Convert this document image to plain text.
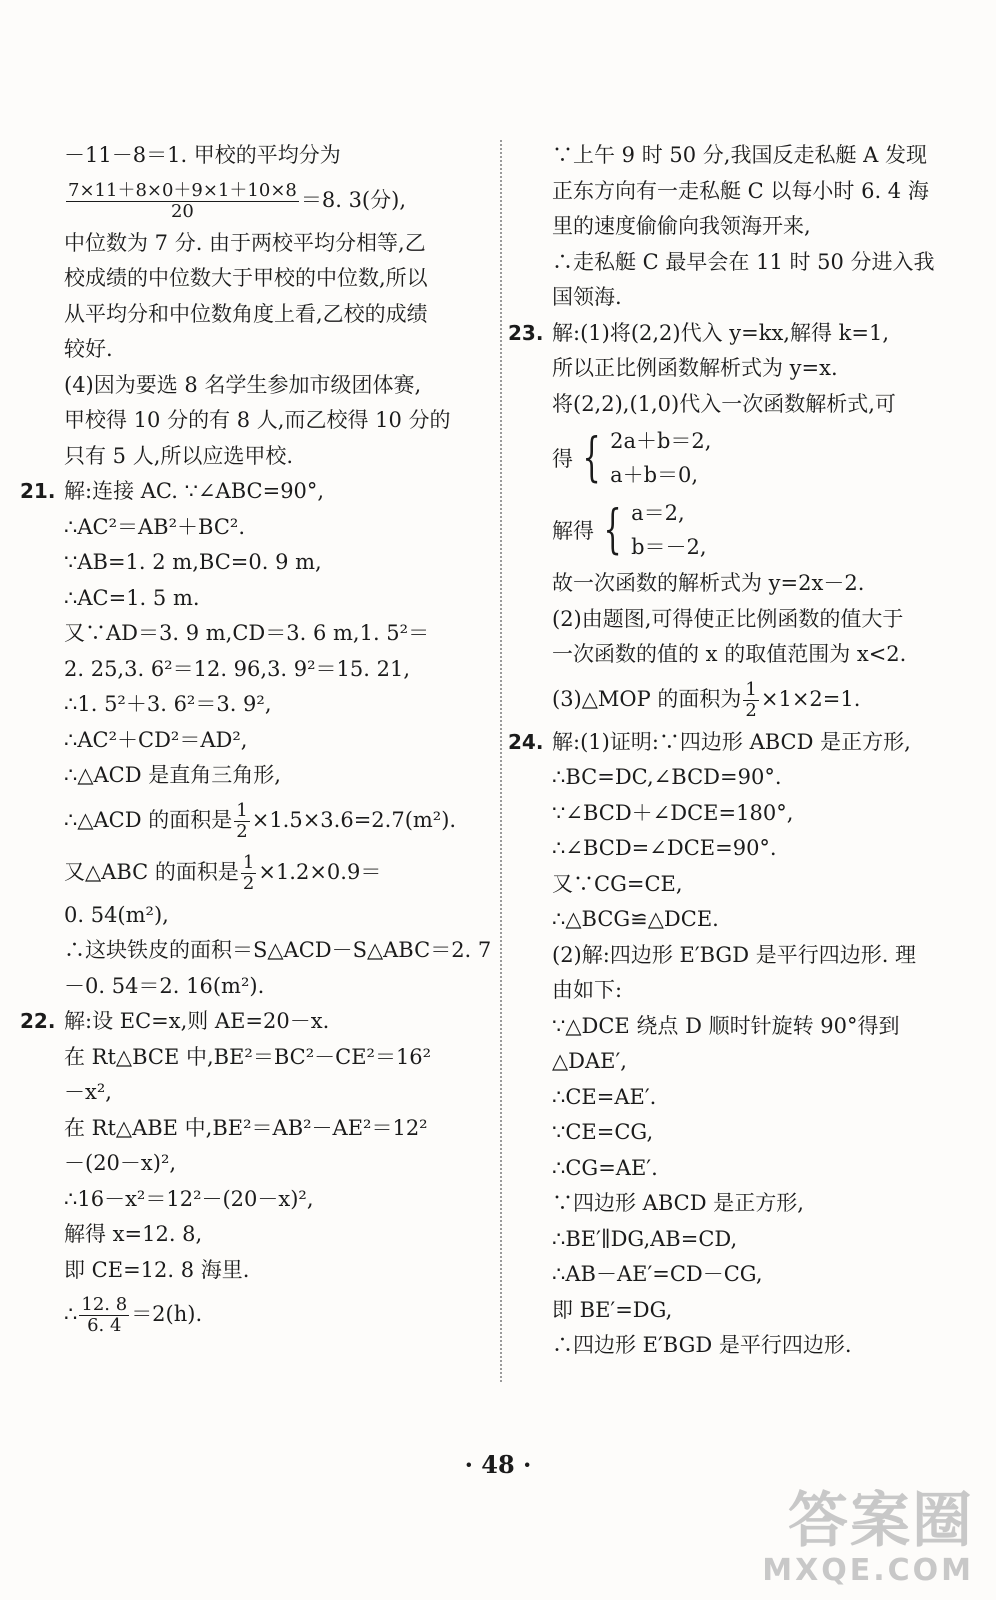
－11－8＝1. 甲校的平均分为
$\frac{7\times 11+8\times 0+9\times 1+10\times 8}{20} =8$. 3(分),
中位数为 7 分. 由于两校平均分相等,乙
校成绩的中位数大于甲校的中位数,所以
从平均分和中位数角度上看,乙校的成绩
较好.
(4)因为要选 8 名学生参加市级团体赛,
甲校得 10 分的有 8 人,而乙校得 10 分的
只有 5 人,所以应选甲校.
21. 解:连接 AC. ∵∠ABC=90°,
∴AC²＝AB²＋BC².
∵AB=1. 2 m,BC=0. 9 m,
∴AC=1. 5 m.
又∵AD＝3. 9 m,CD＝3. 6 m,1. 5²＝
2. 25,3. 6²＝12. 96,3. 9²＝15. 21,
∴1. 5²＋3. 6²＝3. 9²,
∴AC²＋CD²＝AD²,
∴△ACD 是直角三角形,
∴△ACD 的面积是 $\frac{1}{2} \times 1.5\times 3.6=2.7(m^2)$.
又△ABC 的面积是 $\frac{1}{2} \times 1.2\times 0.9=$
0. 54(m²),
∴这块铁皮的面积＝S△ACD－S△ABC＝2. 7
－0. 54＝2. 16(m²).
22. 解:设 EC=x,则 AE=20－x.
在 Rt△BCE 中,BE²＝BC²－CE²＝16²
－x²,
在 Rt△ABE 中,BE²＝AB²－AE²＝12²
－(20－x)²,
∴16－x²＝12²－(20－x)²,
解得 x=12. 8,
即 CE=12. 8 海里.
∴ $\frac{12. 8}{6. 4} =2(h)$.
∵上午 9 时 50 分,我国反走私艇 A 发现
正东方向有一走私艇 C 以每小时 6. 4 海
里的速度偷偷向我领海开来,
∴走私艇 C 最早会在 11 时 50 分进入我
国领海.
23. 解:(1)将(2,2)代入 y=kx,解得 k=1,
所以正比例函数解析式为 y=x.
将(2,2),(1,0)代入一次函数解析式,可
得 { 2a＋b＝2,
a＋b＝0,
解得 { a＝2,
b＝－2,
故一次函数的解析式为 y=2x－2.
(2)由题图,可得使正比例函数的值大于
一次函数的值的 x 的取值范围为 x<2.
(3)△MOP 的面积为 $\frac{1}{2} \times 1\times 2=1$.
24. 解:(1)证明:∵四边形 ABCD 是正方形,
∴BC=DC,∠BCD=90°.
∵∠BCD＋∠DCE=180°,
∴∠BCD=∠DCE=90°.
又∵CG=CE,
∴△BCG≌△DCE.
(2)解:四边形 E′BGD 是平行四边形. 理
由如下:
∵△DCE 绕点 D 顺时针旋转 90°得到
△DAE′,
∴CE=AE′.
∵CE=CG,
∴CG=AE′.
∵四边形 ABCD 是正方形,
∴BE′∥DG,AB=CD,
∴AB－AE′=CD－CG,
即 BE′=DG,
∴四边形 E′BGD 是平行四边形.
· 48 ·
答案圈
MXQE.COM
